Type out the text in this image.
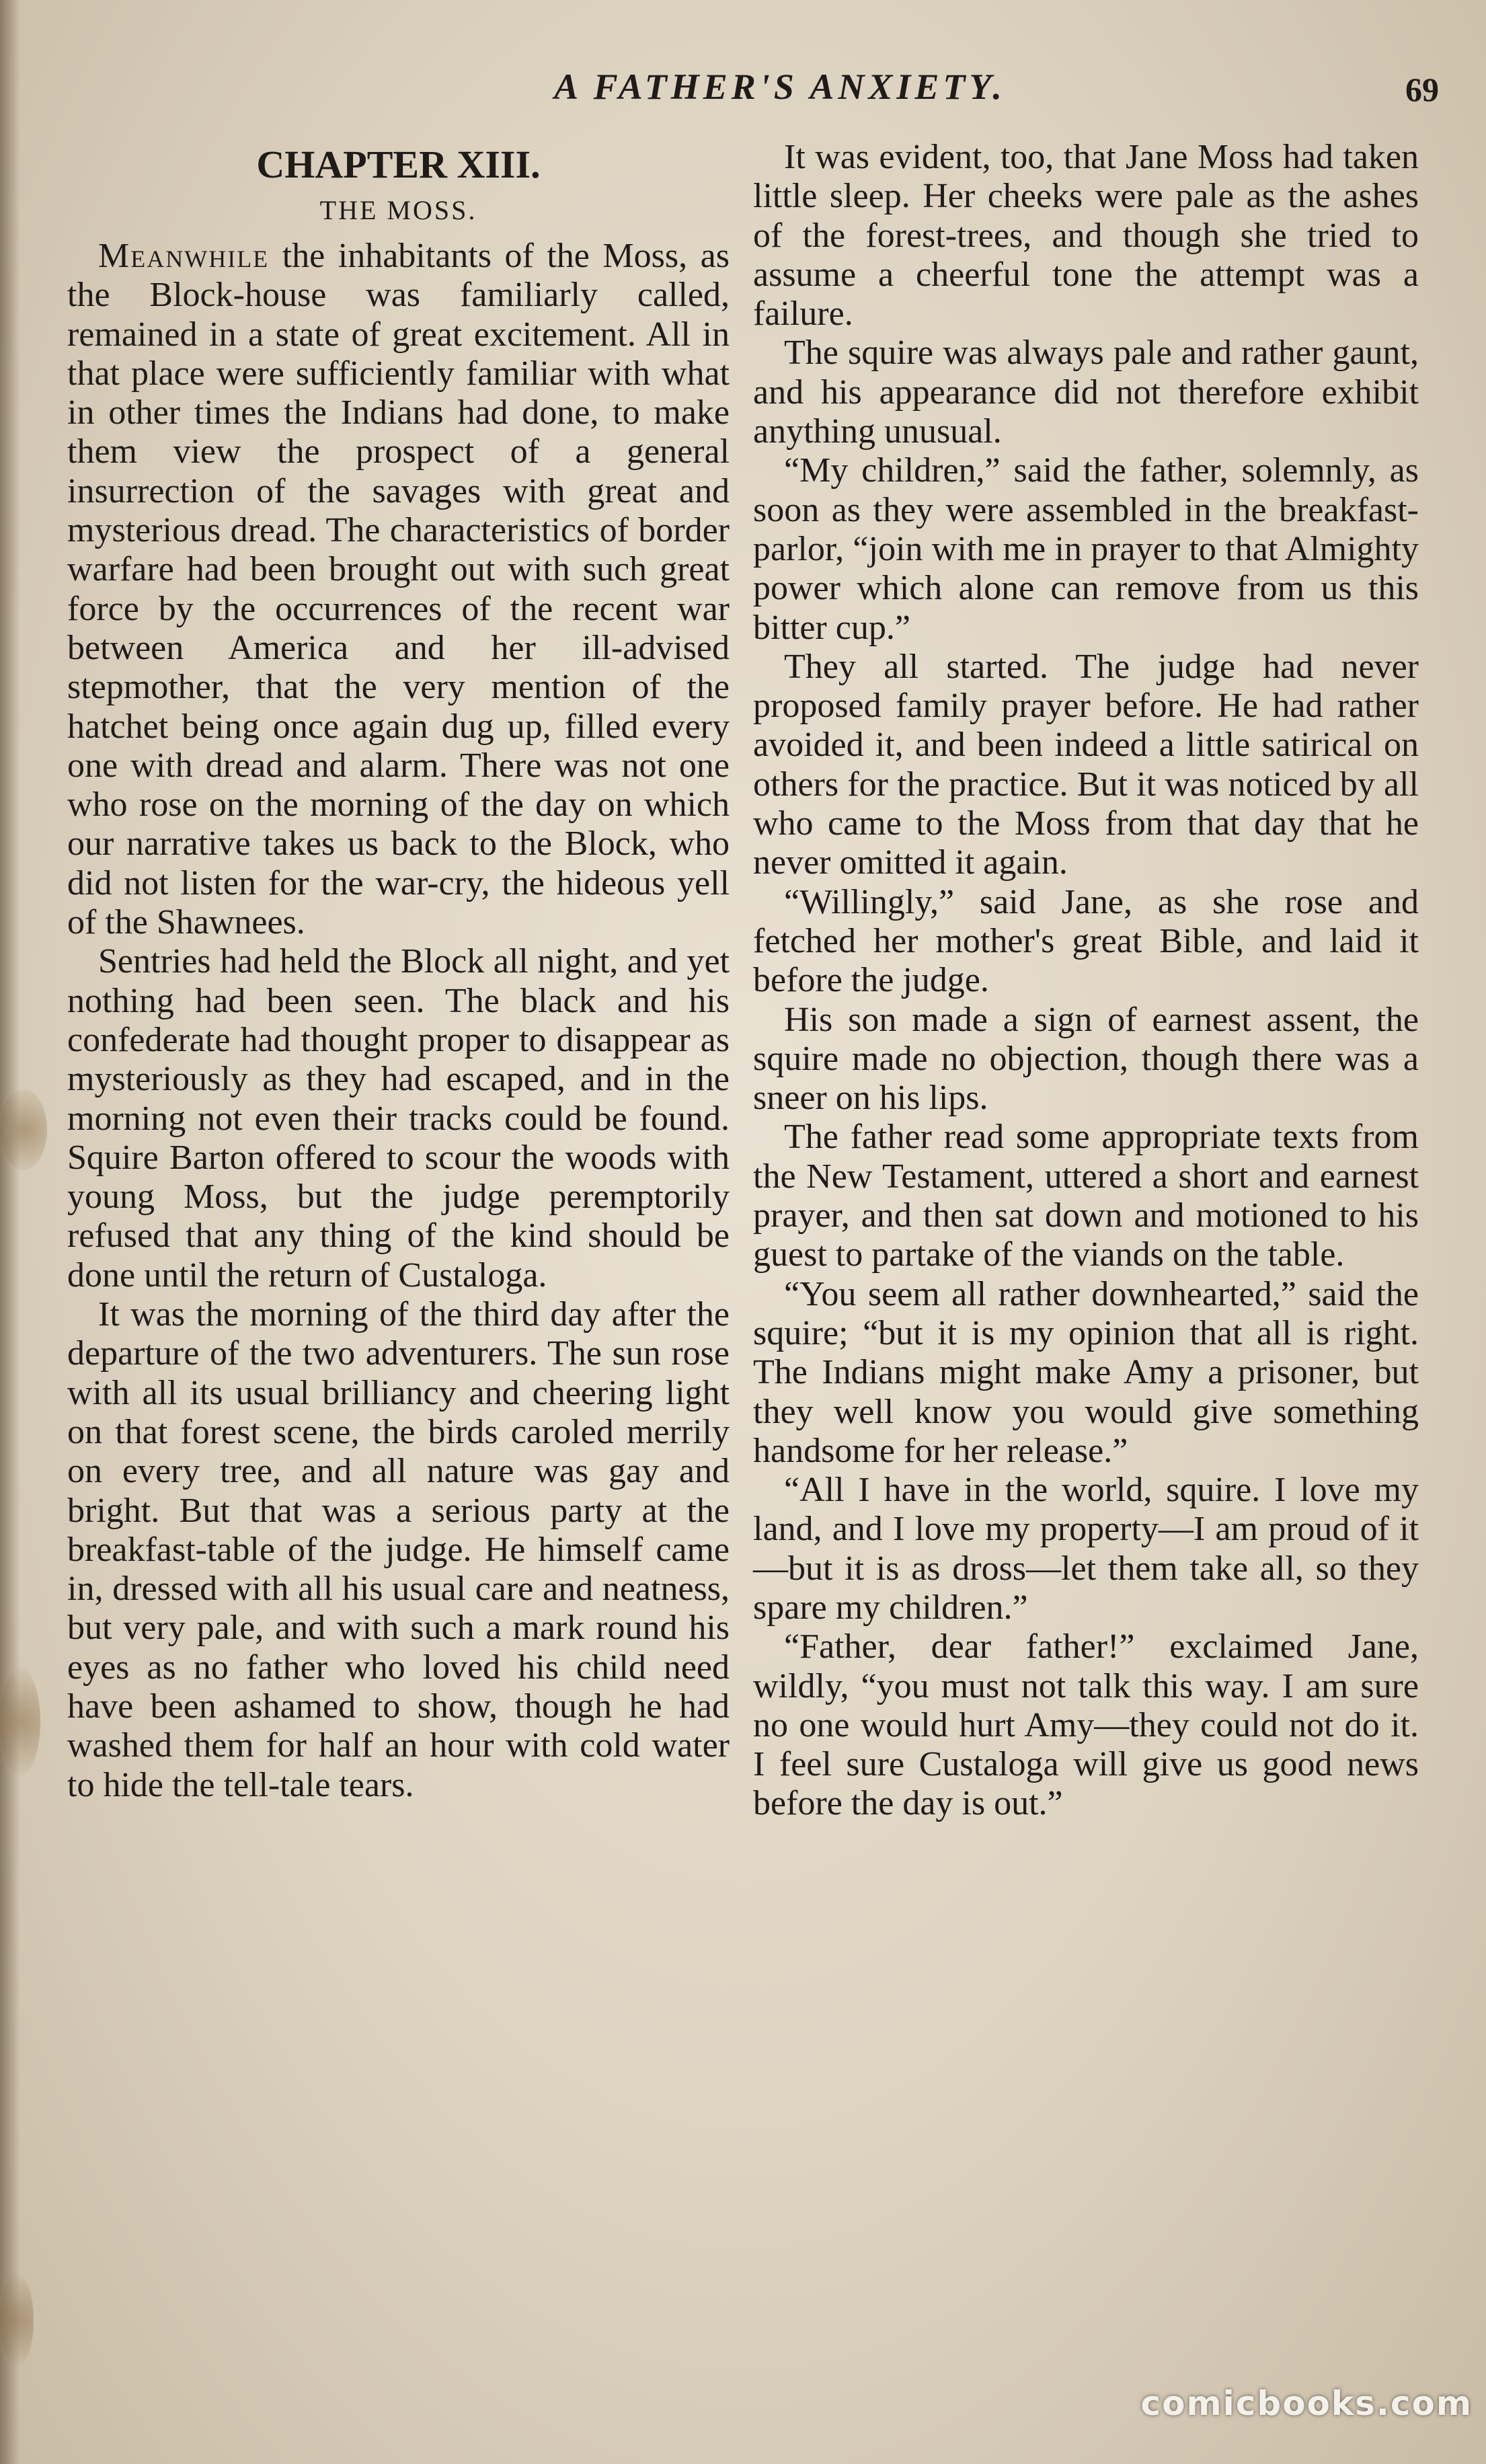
A FATHER'S ANXIETY.	69
CHAPTER XIII.
THE MOSS.

Meanwhile the inhabitants of the Moss, as the Block-house was familiarly called, remained in a state of great excitement. All in that place were sufficiently familiar with what in other times the Indians had done, to make them view the prospect of a general insurrection of the savages with great and mysterious dread. The characteristics of border warfare had been brought out with such great force by the occurrences of the recent war between America and her ill-advised stepmother, that the very mention of the hatchet being once again dug up, filled every one with dread and alarm. There was not one who rose on the morning of the day on which our narrative takes us back to the Block, who did not listen for the war-cry, the hideous yell of the Shawnees.

Sentries had held the Block all night, and yet nothing had been seen. The black and his confederate had thought proper to disappear as mysteriously as they had escaped, and in the morning not even their tracks could be found. Squire Barton offered to scour the woods with young Moss, but the judge peremptorily refused that any thing of the kind should be done until the return of Custaloga.

It was the morning of the third day after the departure of the two adventurers. The sun rose with all its usual brilliancy and cheering light on that forest scene, the birds caroled merrily on every tree, and all nature was gay and bright. But that was a serious party at the breakfast-table of the judge. He himself came in, dressed with all his usual care and neatness, but very pale, and with such a mark round his eyes as no father who loved his child need have been ashamed to show, though he had washed them for half an hour with cold water to hide the tell-tale tears.

It was evident, too, that Jane Moss had taken little sleep. Her cheeks were pale as the ashes of the forest-trees, and though she tried to assume a cheerful tone the attempt was a failure.

The squire was always pale and rather gaunt, and his appearance did not therefore exhibit anything unusual.

“My children,” said the father, solemnly, as soon as they were assembled in the breakfast-parlor, “join with me in prayer to that Almighty power which alone can remove from us this bitter cup.”

They all started. The judge had never proposed family prayer before. He had rather avoided it, and been indeed a little satirical on others for the practice. But it was noticed by all who came to the Moss from that day that he never omitted it again.

“Willingly,” said Jane, as she rose and fetched her mother's great Bible, and laid it before the judge.

His son made a sign of earnest assent, the squire made no objection, though there was a sneer on his lips.

The father read some appropriate texts from the New Testament, uttered a short and earnest prayer, and then sat down and motioned to his guest to partake of the viands on the table.

“You seem all rather downhearted,” said the squire; “but it is my opinion that all is right. The Indians might make Amy a prisoner, but they well know you would give something handsome for her release.”

“All I have in the world, squire. I love my land, and I love my property—I am proud of it—but it is as dross—let them take all, so they spare my children.”

“Father, dear father!” exclaimed Jane, wildly, “you must not talk this way. I am sure no one would hurt Amy—they could not do it. I feel sure Custaloga will give us good news before the day is out.”

comicbooks.com
